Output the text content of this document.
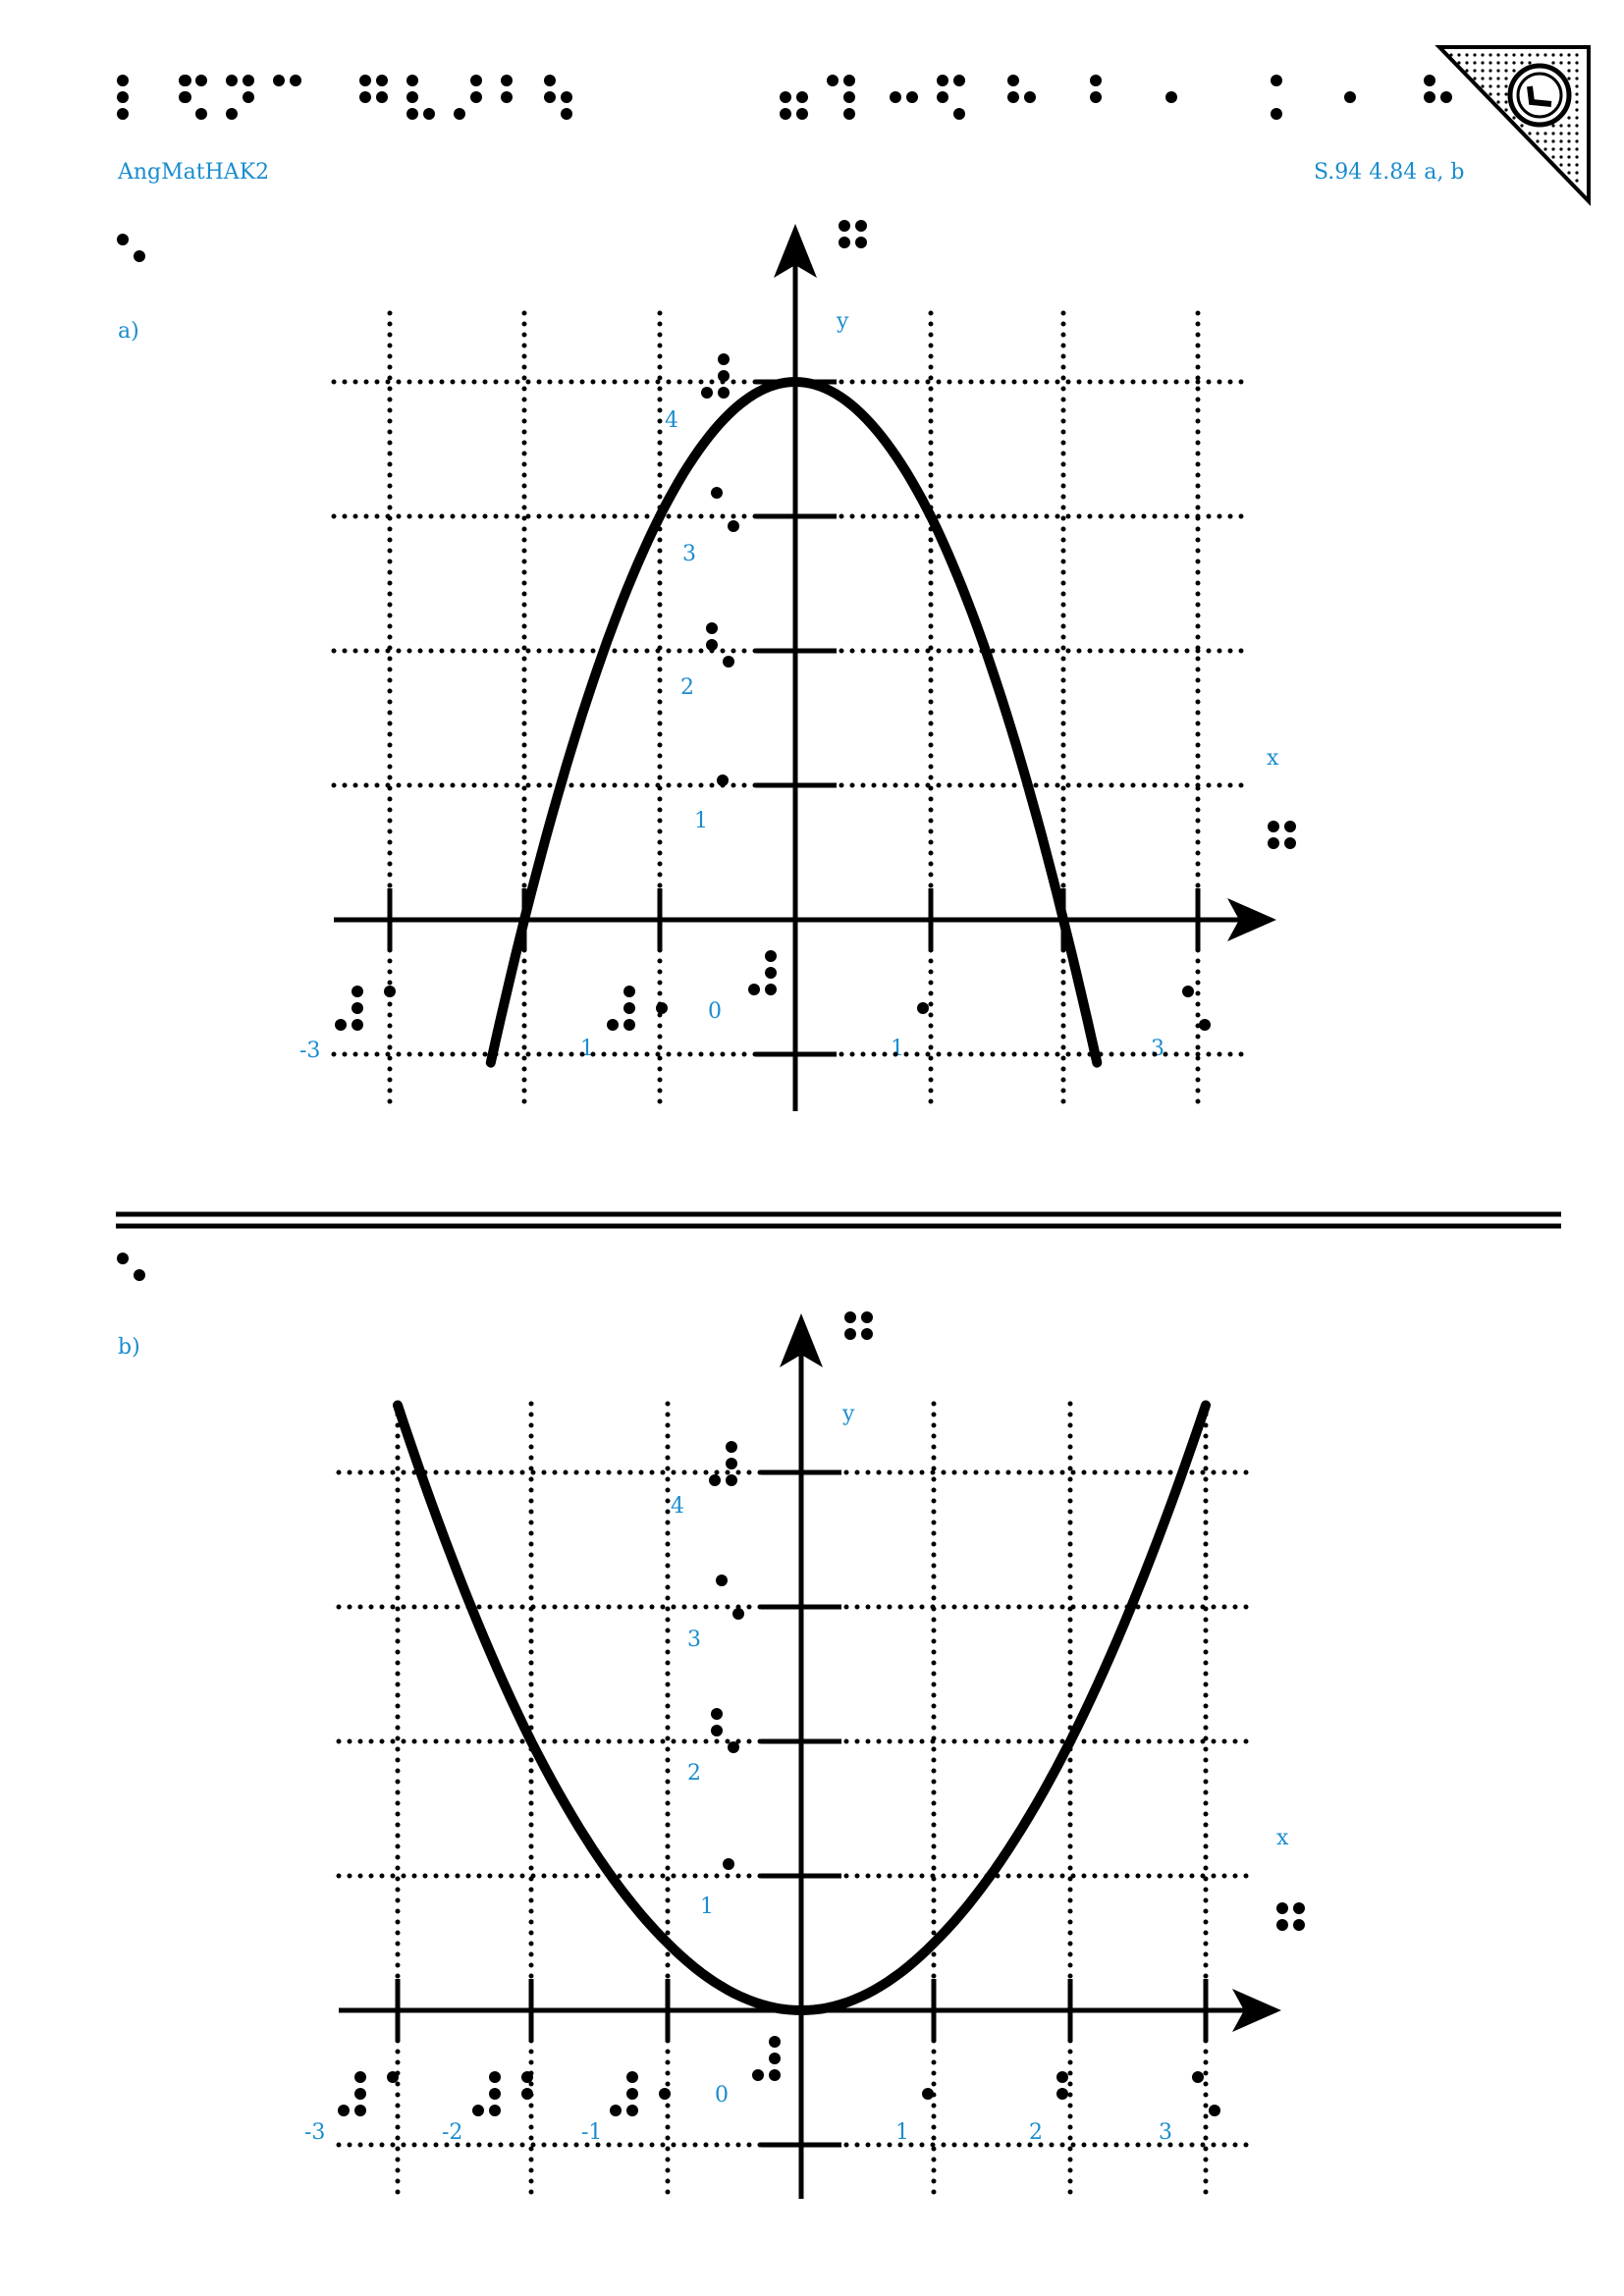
AngMatHAK2	S.94 4.84 a, b
a)
b)
y
x
y
x
4
3
2
1
-3	1
0
1	3
4
3
2
1
-3	-2	-1
0
1	2	3
